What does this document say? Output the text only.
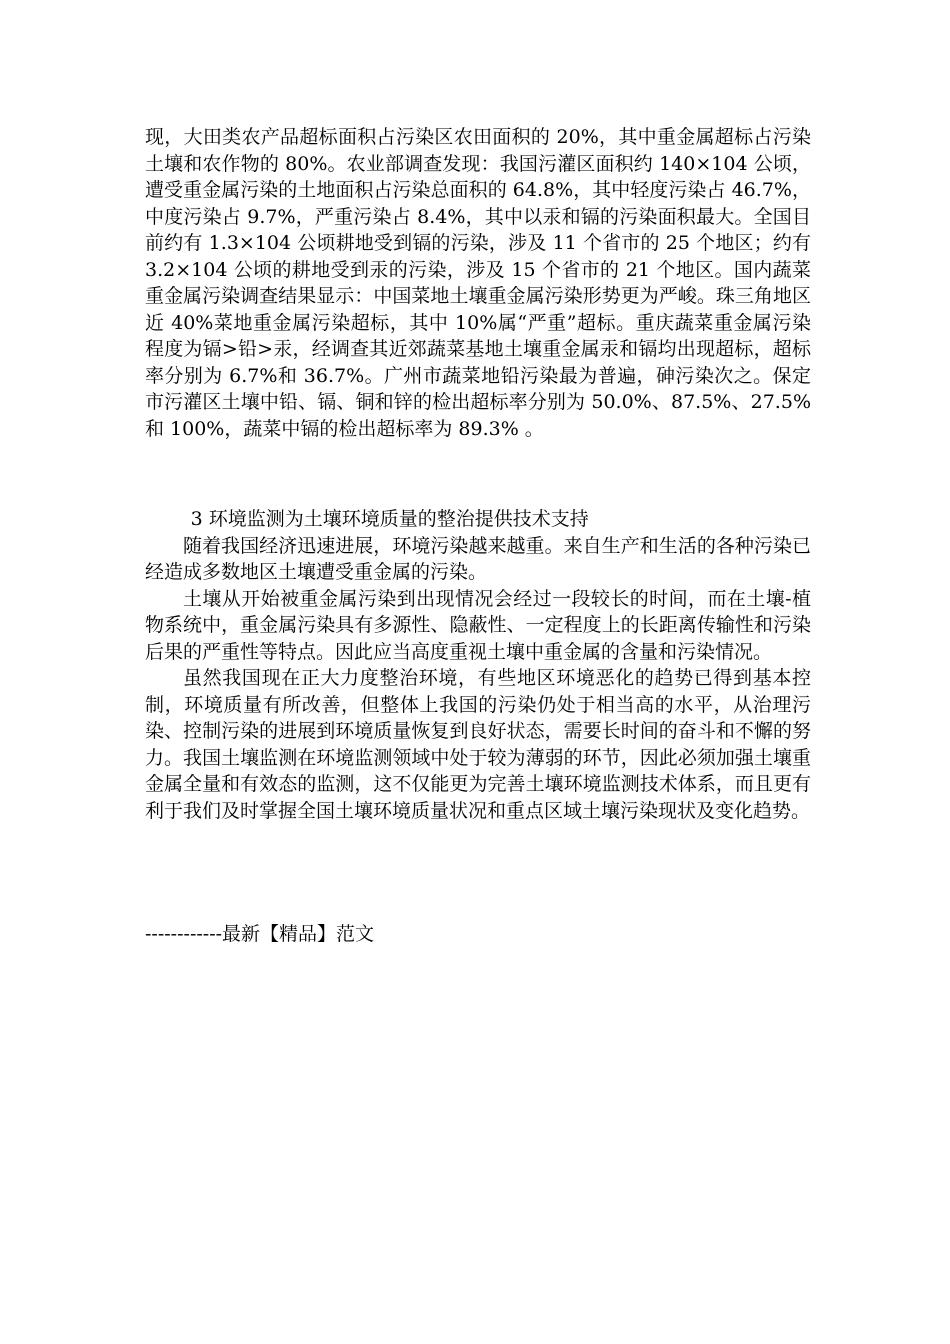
现，大田类农产品超标面积占污染区农田面积的 20%，其中重金属超标占污染土壤和农作物的 80%。农业部调查发现：我国污灌区面积约 140×104 公顷，遭受重金属污染的土地面积占污染总面积的 64.8%，其中轻度污染占 46.7%，中度污染占 9.7%，严重污染占 8.4%，其中以汞和镉的污染面积最大。全国目前约有 1.3×104 公顷耕地受到镉的污染，涉及 11 个省市的 25 个地区；约有 3.2×104 公顷的耕地受到汞的污染，涉及 15 个省市的 21 个地区。国内蔬菜重金属污染调查结果显示：中国菜地土壤重金属污染形势更为严峻。珠三角地区近 40%菜地重金属污染超标，其中 10%属“严重”超标。重庆蔬菜重金属污染程度为镉>铅>汞，经调查其近郊蔬菜基地土壤重金属汞和镉均出现超标，超标率分别为 6.7%和 36.7%。广州市蔬菜地铅污染最为普遍，砷污染次之。保定市污灌区土壤中铅、镉、铜和锌的检出超标率分别为 50.0%、87.5%、27.5%和 100%，蔬菜中镉的检出超标率为 89.3% 。

3 环境监测为土壤环境质量的整治提供技术支持

随着我国经济迅速进展，环境污染越来越重。来自生产和生活的各种污染已经造成多数地区土壤遭受重金属的污染。

土壤从开始被重金属污染到出现情况会经过一段较长的时间，而在土壤-植物系统中，重金属污染具有多源性、隐蔽性、一定程度上的长距离传输性和污染后果的严重性等特点。因此应当高度重视土壤中重金属的含量和污染情况。

虽然我国现在正大力度整治环境，有些地区环境恶化的趋势已得到基本控制，环境质量有所改善，但整体上我国的污染仍处于相当高的水平，从治理污染、控制污染的进展到环境质量恢复到良好状态，需要长时间的奋斗和不懈的努力。我国土壤监测在环境监测领域中处于较为薄弱的环节，因此必须加强土壤重金属全量和有效态的监测，这不仅能更为完善土壤环境监测技术体系，而且更有利于我们及时掌握全国土壤环境质量状况和重点区域土壤污染现状及变化趋势。

------------最新【精品】范文
